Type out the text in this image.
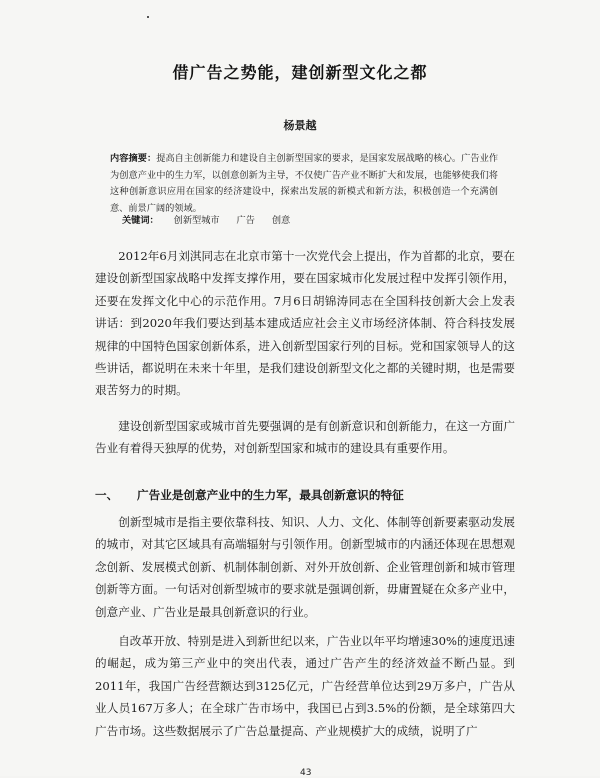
借广告之势能，建创新型文化之都
杨景越
内容摘要：提高自主创新能力和建设自主创新型国家的要求，是国家发展战略的核心。广告业作为创意产业中的生力军，以创意创新为主导，不仅使广告产业不断扩大和发展，也能够使我们将这种创新意识应用在国家的经济建设中，探索出发展的新模式和新方法，积极创造一个充满创意、前景广阔的领域。
关键词： 创新型城市 广告 创意

2012年6月刘淇同志在北京市第十一次党代会上提出，作为首都的北京，要在建设创新型国家战略中发挥支撑作用，要在国家城市化发展过程中发挥引领作用，还要在发挥文化中心的示范作用。7月6日胡锦涛同志在全国科技创新大会上发表讲话：到2020年我们要达到基本建成适应社会主义市场经济体制、符合科技发展规律的中国特色国家创新体系，进入创新型国家行列的目标。党和国家领导人的这些讲话，都说明在未来十年里，是我们建设创新型文化之都的关键时期，也是需要艰苦努力的时期。

建设创新型国家或城市首先要强调的是有创新意识和创新能力，在这一方面广告业有着得天独厚的优势，对创新型国家和城市的建设具有重要作用。

一、 广告业是创意产业中的生力军，最具创新意识的特征

创新型城市是指主要依靠科技、知识、人力、文化、体制等创新要素驱动发展的城市，对其它区域具有高端辐射与引领作用。创新型城市的内涵还体现在思想观念创新、发展模式创新、机制体制创新、对外开放创新、企业管理创新和城市管理创新等方面。一句话对创新型城市的要求就是强调创新，毋庸置疑在众多产业中，创意产业、广告业是最具创新意识的行业。

自改革开放、特别是进入到新世纪以来，广告业以年平均增速30%的速度迅速的崛起，成为第三产业中的突出代表，通过广告产生的经济效益不断凸显。到2011年，我国广告经营额达到3125亿元，广告经营单位达到29万多户，广告从业人员167万多人；在全球广告市场中，我国已占到3.5%的份额，是全球第四大广告市场。这些数据展示了广告总量提高、产业规模扩大的成绩，说明了广

43
